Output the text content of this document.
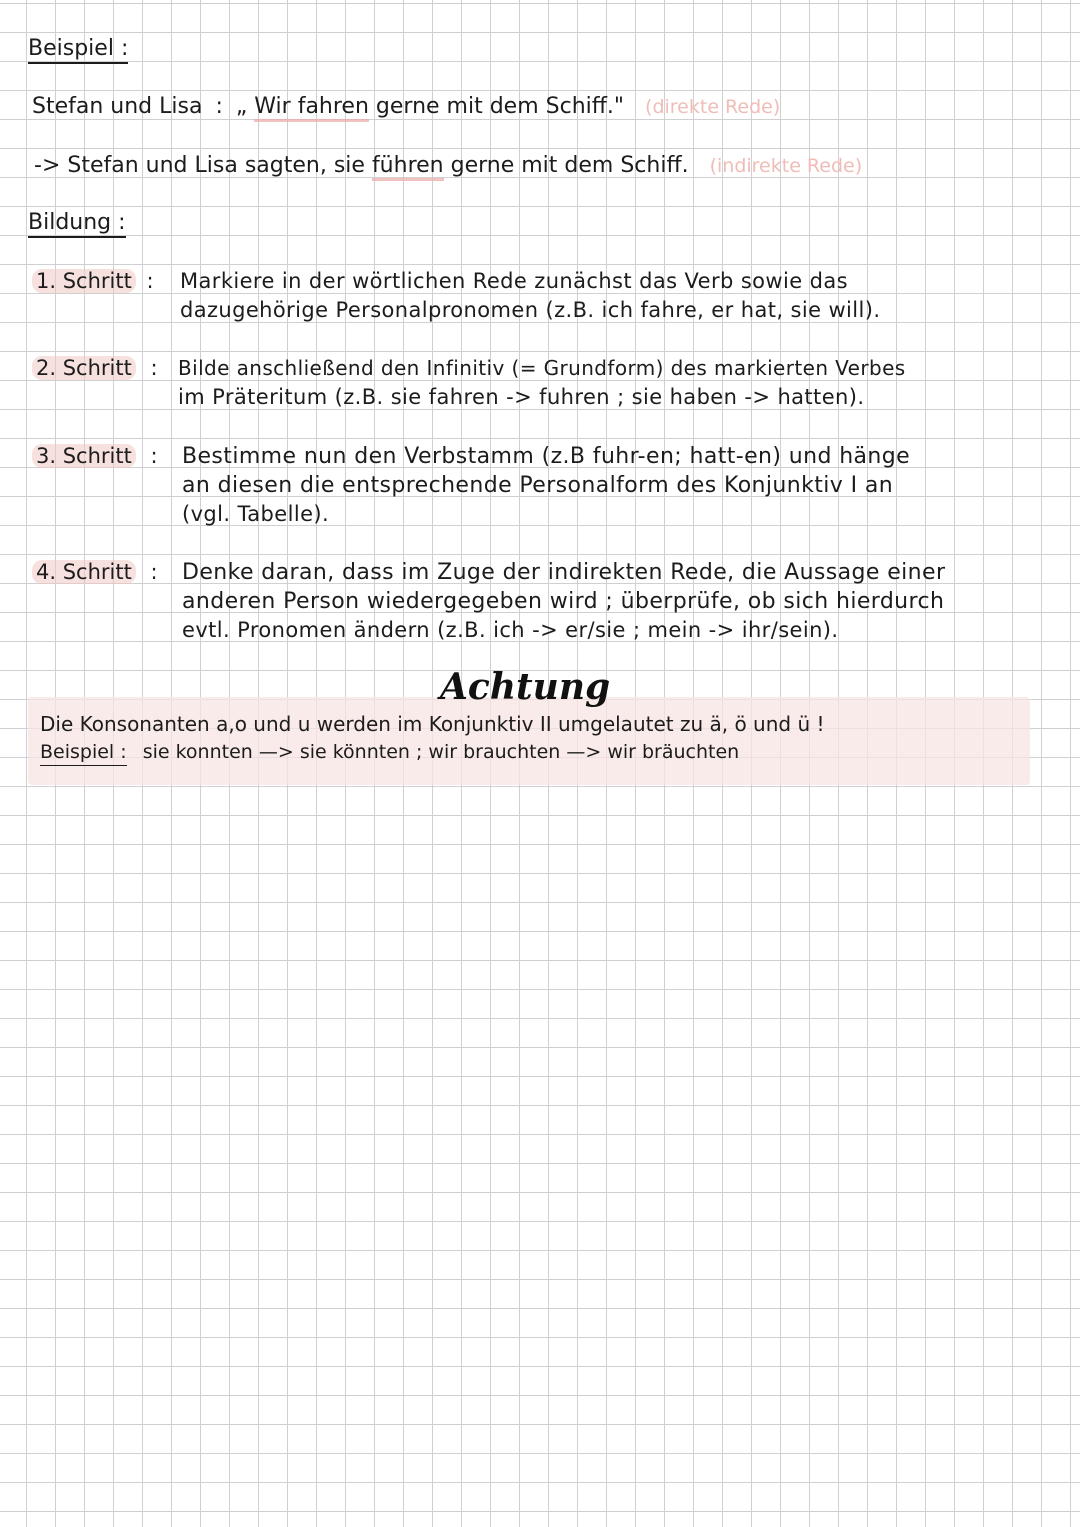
Beispiel :
Stefan und Lisa : „ Wir fahren gerne mit dem Schiff." (direkte Rede)
-> Stefan und Lisa sagten, sie führen gerne mit dem Schiff. (indirekte Rede)
Bildung :
1. Schritt : Markiere in der wörtlichen Rede zunächst das Verb sowie das
dazugehörige Personalpronomen (z.B. ich fahre, er hat, sie will).
2. Schritt : Bilde anschließend den Infinitiv (= Grundform) des markierten Verbes
im Präteritum (z.B. sie fahren -> fuhren ; sie haben -> hatten).
3. Schritt : Bestimme nun den Verbstamm (z.B fuhr-en; hatt-en) und hänge
an diesen die entsprechende Personalform des Konjunktiv I an
(vgl. Tabelle).
4. Schritt : Denke daran, dass im Zuge der indirekten Rede, die Aussage einer
anderen Person wiedergegeben wird ; überprüfe, ob sich hierdurch
evtl. Pronomen ändern (z.B. ich -> er/sie ; mein -> ihr/sein).
Achtung
Die Konsonanten a,o und u werden im Konjunktiv II umgelautet zu ä, ö und ü !
Beispiel : sie konnten —> sie könnten ; wir brauchten —> wir bräuchten
